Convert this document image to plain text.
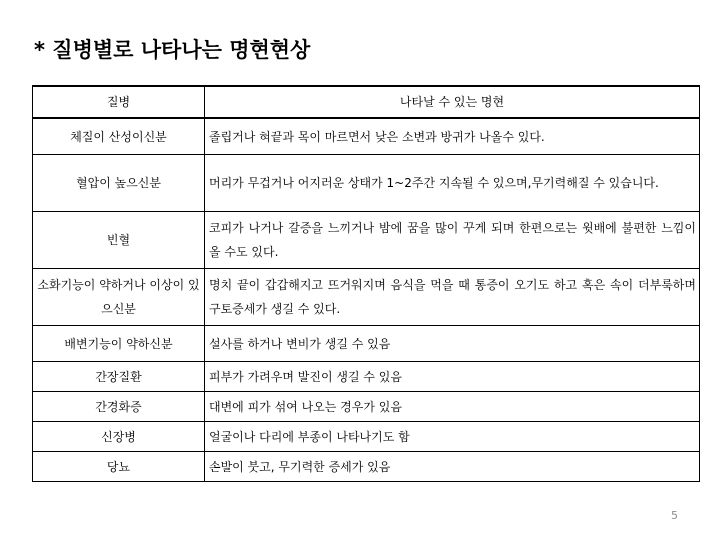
* 질병별로 나타나는 명현현상
질병	나타날 수 있는 명현
체질이 산성이신분	졸립거나 혀끝과 목이 마르면서 낮은 소변과 방귀가 나올수 있다.
혈압이 높으신분	머리가 무겁거나 어지러운 상태가 1~2주간 지속될 수 있으며,무기력해질 수 있습니다.
빈혈	코피가 나거나 갈증을 느끼거나 밤에 꿈을 많이 꾸게 되며 한편으로는 윗배에 불편한 느낌이 올 수도 있다.
소화기능이 약하거나 이상이 있으신분	명치 끝이 갑갑해지고 뜨거워지며 음식을 먹을 때 통증이 오기도 하고 혹은 속이 더부룩하며 구토증세가 생길 수 있다.
배변기능이 약하신분	설사를 하거나 변비가 생길 수 있음
간장질환	피부가 가려우며 발진이 생길 수 있음
간경화증	대변에 피가 섞여 나오는 경우가 있음
신장병	얼굴이나 다리에 부종이 나타나기도 함
당뇨	손발이 붓고, 무기력한 증세가 있음
5
